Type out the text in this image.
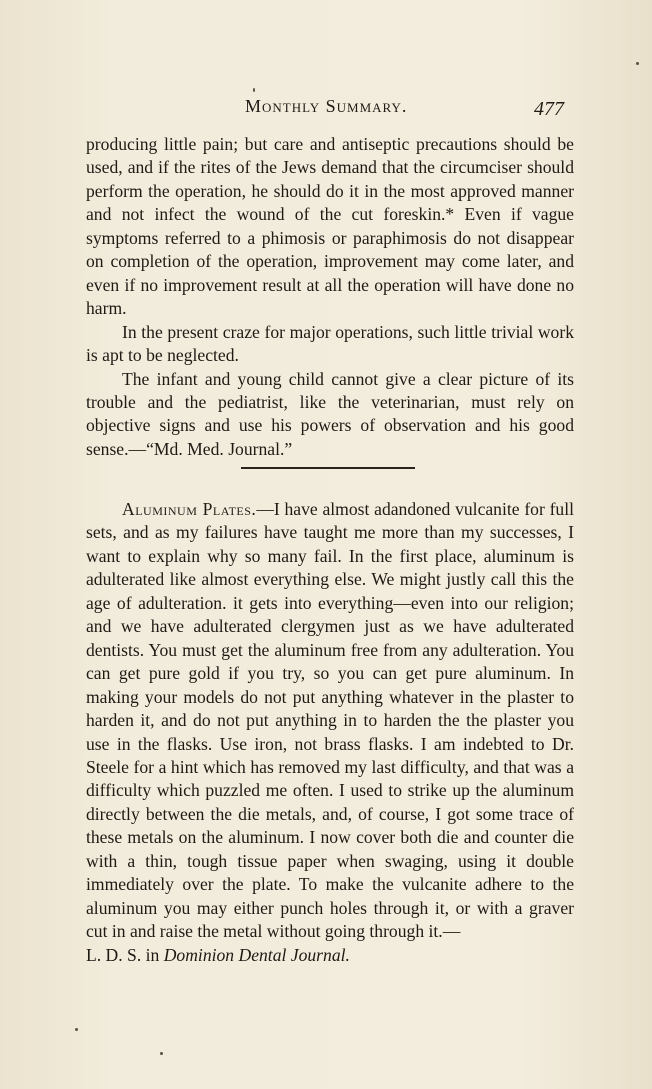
Monthly Summary.	477

producing little pain; but care and antiseptic precautions should be used, and if the rites of the Jews demand that the circumciser should perform the operation, he should do it in the most approved manner and not infect the wound of the cut foreskin.* Even if vague symptoms referred to a phimosis or paraphimosis do not disappear on completion of the operation, improvement may come later, and even if no improvement result at all the operation will have done no harm.

In the present craze for major operations, such little trivial work is apt to be neglected.

The infant and young child cannot give a clear picture of its trouble and the pediatrist, like the veterinarian, must rely on objective signs and use his powers of observation and his good sense.—“Md. Med. Journal.”

Aluminum Plates.—I have almost adandoned vulcanite for full sets, and as my failures have taught me more than my successes, I want to explain why so many fail. In the first place, aluminum is adulterated like almost everything else. We might justly call this the age of adulteration. it gets into everything—even into our religion; and we have adulterated clergymen just as we have adulterated dentists. You must get the aluminum free from any adulteration. You can get pure gold if you try, so you can get pure aluminum. In making your models do not put anything whatever in the plaster to harden it, and do not put anything in to harden the the plaster you use in the flasks. Use iron, not brass flasks. I am indebted to Dr. Steele for a hint which has removed my last difficulty, and that was a difficulty which puzzled me often. I used to strike up the aluminum directly between the die metals, and, of course, I got some trace of these metals on the aluminum. I now cover both die and counter die with a thin, tough tissue paper when swaging, using it double immediately over the plate. To make the vulcanite adhere to the aluminum you may either punch holes through it, or with a graver cut in and raise the metal without going through it.—

L. D. S. in Dominion Dental Journal.
